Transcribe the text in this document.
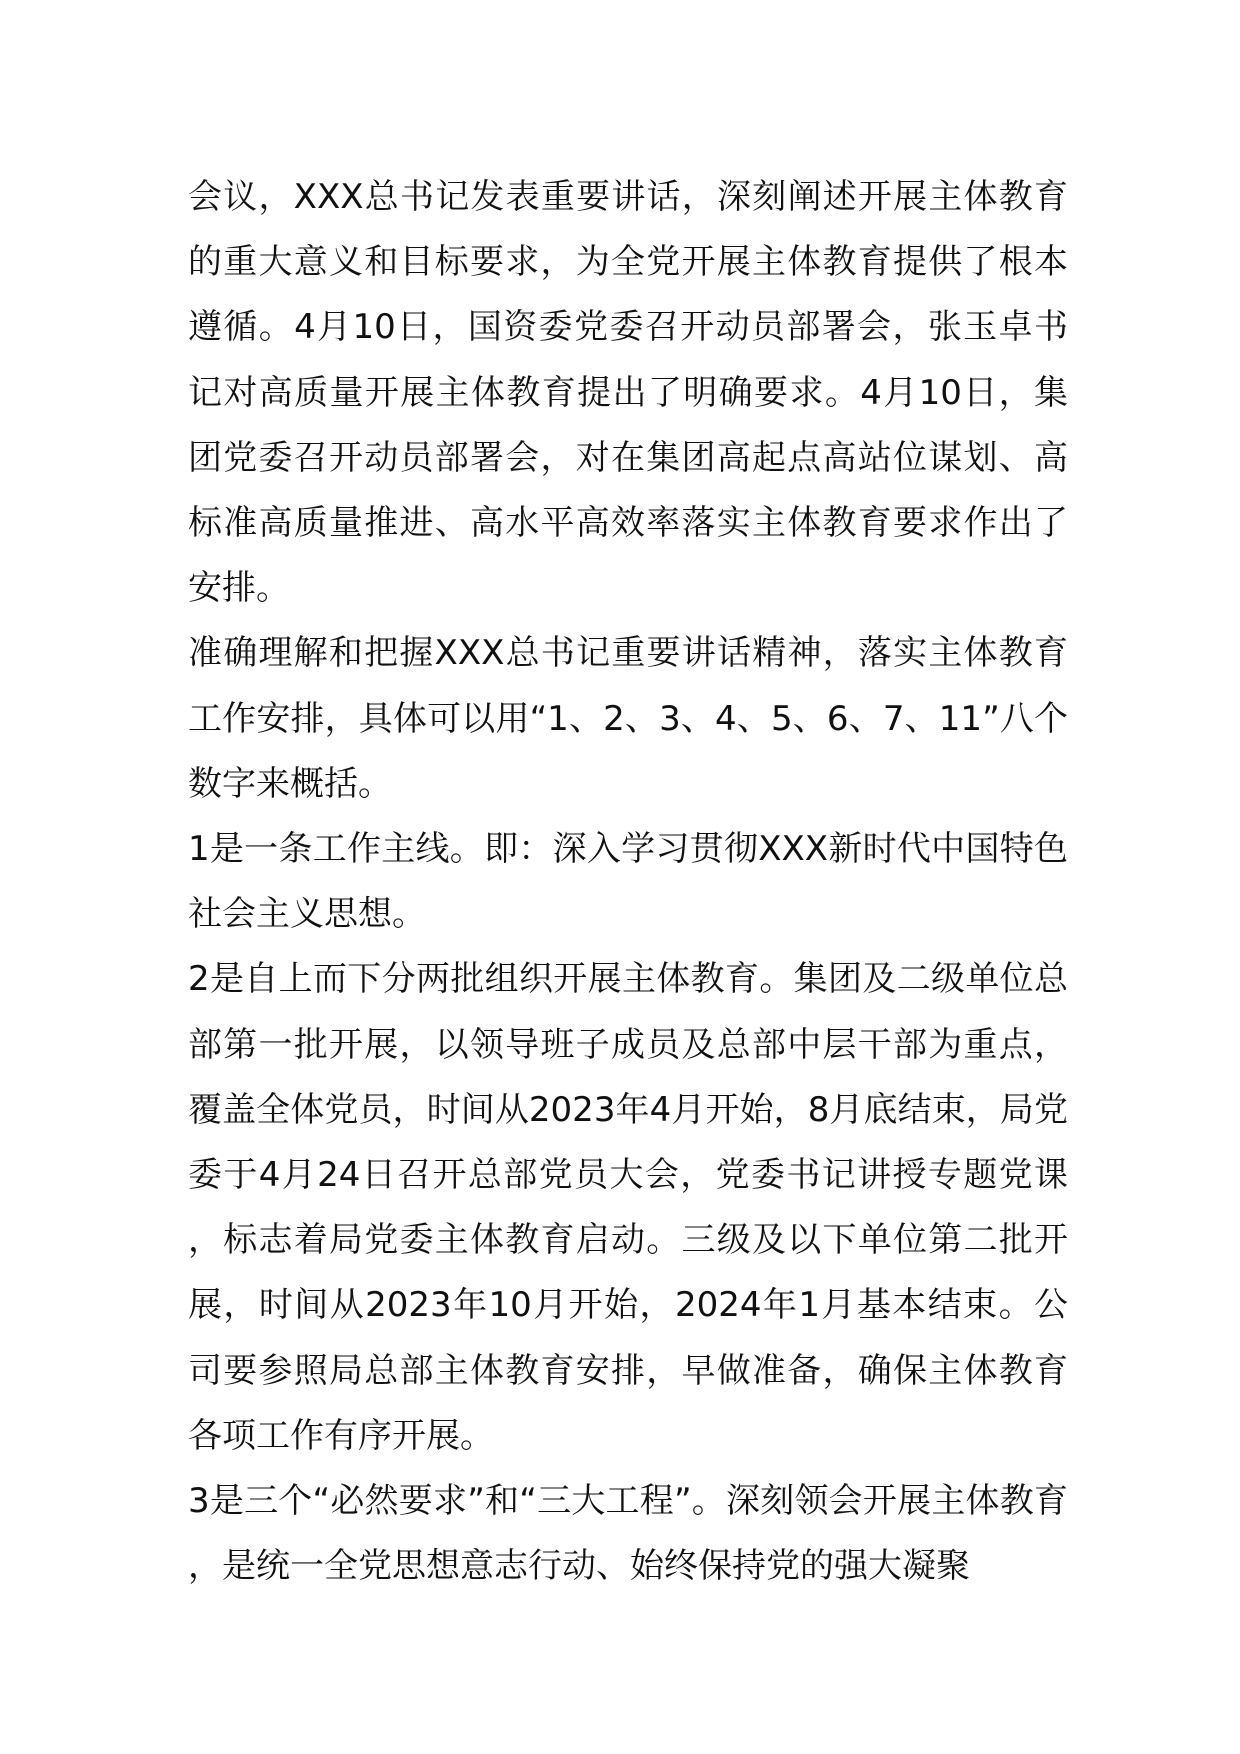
会议，XXX总书记发表重要讲话，深刻阐述开展主体教育的重大意义和目标要求，为全党开展主体教育提供了根本遵循。4月10日，国资委党委召开动员部署会，张玉卓书记对高质量开展主体教育提出了明确要求。4月10日，集团党委召开动员部署会，对在集团高起点高站位谋划、高标准高质量推进、高水平高效率落实主体教育要求作出了安排。

准确理解和把握XXX总书记重要讲话精神，落实主体教育工作安排，具体可以用“1、2、3、4、5、6、7、11”八个数字来概括。

1是一条工作主线。即：深入学习贯彻XXX新时代中国特色社会主义思想。

2是自上而下分两批组织开展主体教育。集团及二级单位总部第一批开展，以领导班子成员及总部中层干部为重点，覆盖全体党员，时间从2023年4月开始，8月底结束，局党委于4月24日召开总部党员大会，党委书记讲授专题党课，标志着局党委主体教育启动。三级及以下单位第二批开展，时间从2023年10月开始，2024年1月基本结束。公司要参照局总部主体教育安排，早做准备，确保主体教育各项工作有序开展。

3是三个“必然要求”和“三大工程”。深刻领会开展主体教育，是统一全党思想意志行动、始终保持党的强大凝聚
